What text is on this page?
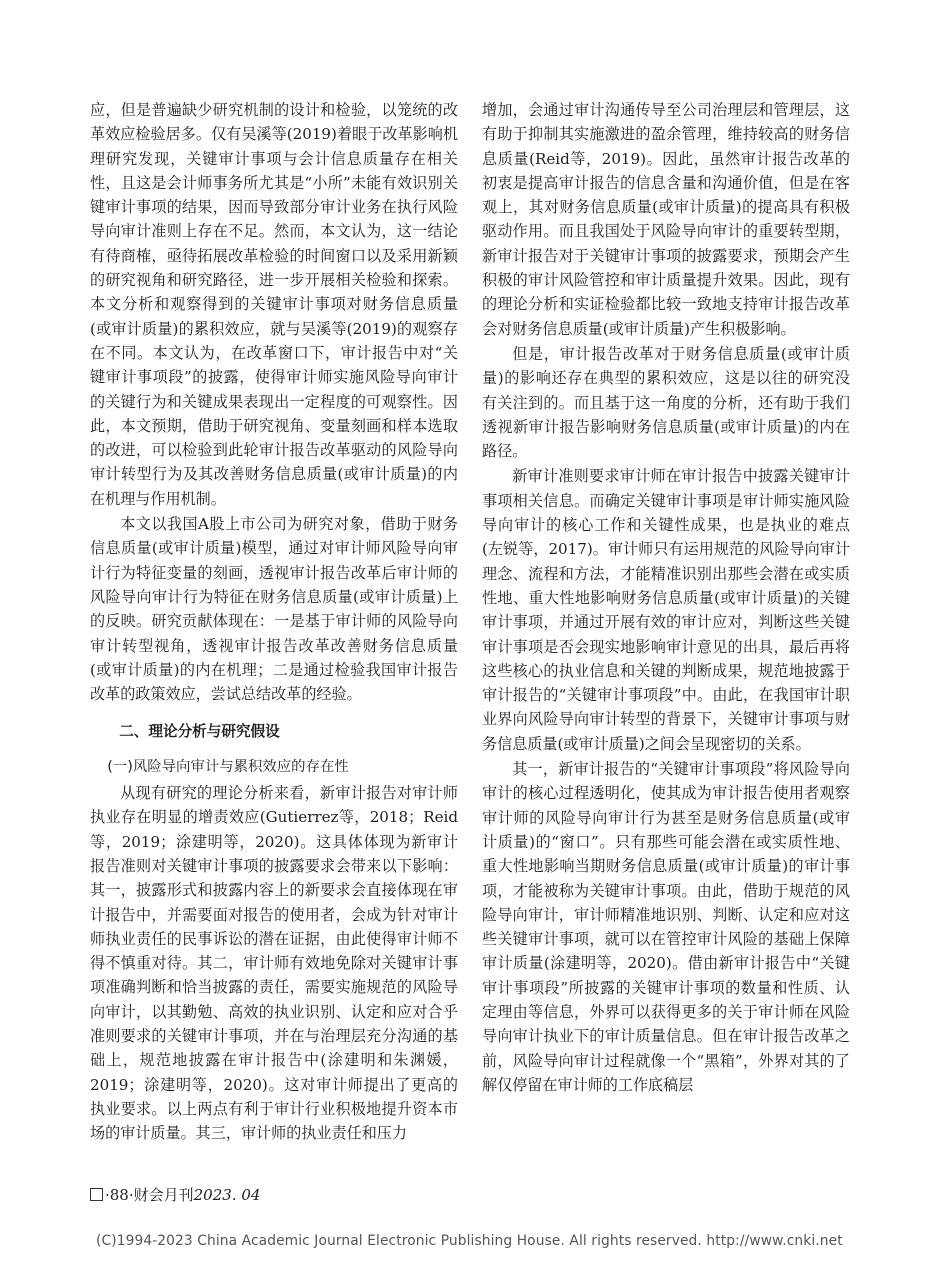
应，但是普遍缺少研究机制的设计和检验，以笼统的改革效应检验居多。仅有吴溪等(2019)着眼于改革影响机理研究发现，关键审计事项与会计信息质量存在相关性，且这是会计师事务所尤其是“小所”未能有效识别关键审计事项的结果，因而导致部分审计业务在执行风险导向审计准则上存在不足。然而，本文认为，这一结论有待商榷，亟待拓展改革检验的时间窗口以及采用新颖的研究视角和研究路径，进一步开展相关检验和探索。本文分析和观察得到的关键审计事项对财务信息质量(或审计质量)的累积效应，就与吴溪等(2019)的观察存在不同。本文认为，在改革窗口下，审计报告中对“关键审计事项段”的披露，使得审计师实施风险导向审计的关键行为和关键成果表现出一定程度的可观察性。因此，本文预期，借助于研究视角、变量刻画和样本选取的改进，可以检验到此轮审计报告改革驱动的风险导向审计转型行为及其改善财务信息质量(或审计质量)的内在机理与作用机制。

本文以我国A股上市公司为研究对象，借助于财务信息质量(或审计质量)模型，通过对审计师风险导向审计行为特征变量的刻画，透视审计报告改革后审计师的风险导向审计行为特征在财务信息质量(或审计质量)上的反映。研究贡献体现在：一是基于审计师的风险导向审计转型视角，透视审计报告改革改善财务信息质量(或审计质量)的内在机理；二是通过检验我国审计报告改革的政策效应，尝试总结改革的经验。

二、理论分析与研究假设
(一)风险导向审计与累积效应的存在性

从现有研究的理论分析来看，新审计报告对审计师执业存在明显的增责效应(Gutierrez等，2018；Reid等，2019；涂建明等，2020)。这具体体现为新审计报告准则对关键审计事项的披露要求会带来以下影响：其一，披露形式和披露内容上的新要求会直接体现在审计报告中，并需要面对报告的使用者，会成为针对审计师执业责任的民事诉讼的潜在证据，由此使得审计师不得不慎重对待。其二，审计师有效地免除对关键审计事项准确判断和恰当披露的责任，需要实施规范的风险导向审计，以其勤勉、高效的执业识别、认定和应对合乎准则要求的关键审计事项，并在与治理层充分沟通的基础上，规范地披露在审计报告中(涂建明和朱渊媛，2019；涂建明等，2020)。这对审计师提出了更高的执业要求。以上两点有利于审计行业积极地提升资本市场的审计质量。其三，审计师的执业责任和压力

增加，会通过审计沟通传导至公司治理层和管理层，这有助于抑制其实施激进的盈余管理，维持较高的财务信息质量(Reid等，2019)。因此，虽然审计报告改革的初衷是提高审计报告的信息含量和沟通价值，但是在客观上，其对财务信息质量(或审计质量)的提高具有积极驱动作用。而且我国处于风险导向审计的重要转型期，新审计报告对于关键审计事项的披露要求，预期会产生积极的审计风险管控和审计质量提升效果。因此，现有的理论分析和实证检验都比较一致地支持审计报告改革会对财务信息质量(或审计质量)产生积极影响。

但是，审计报告改革对于财务信息质量(或审计质量)的影响还存在典型的累积效应，这是以往的研究没有关注到的。而且基于这一角度的分析，还有助于我们透视新审计报告影响财务信息质量(或审计质量)的内在路径。

新审计准则要求审计师在审计报告中披露关键审计事项相关信息。而确定关键审计事项是审计师实施风险导向审计的核心工作和关键性成果，也是执业的难点(左锐等，2017)。审计师只有运用规范的风险导向审计理念、流程和方法，才能精准识别出那些会潜在或实质性地、重大性地影响财务信息质量(或审计质量)的关键审计事项，并通过开展有效的审计应对，判断这些关键审计事项是否会现实地影响审计意见的出具，最后再将这些核心的执业信息和关键的判断成果，规范地披露于审计报告的“关键审计事项段”中。由此，在我国审计职业界向风险导向审计转型的背景下，关键审计事项与财务信息质量(或审计质量)之间会呈现密切的关系。

其一，新审计报告的“关键审计事项段”将风险导向审计的核心过程透明化，使其成为审计报告使用者观察审计师的风险导向审计行为甚至是财务信息质量(或审计质量)的“窗口”。只有那些可能会潜在或实质性地、重大性地影响当期财务信息质量(或审计质量)的审计事项，才能被称为关键审计事项。由此，借助于规范的风险导向审计，审计师精准地识别、判断、认定和应对这些关键审计事项，就可以在管控审计风险的基础上保障审计质量(涂建明等，2020)。借由新审计报告中“关键审计事项段”所披露的关键审计事项的数量和性质、认定理由等信息，外界可以获得更多的关于审计师在风险导向审计执业下的审计质量信息。但在审计报告改革之前，风险导向审计过程就像一个“黑箱”，外界对其的了解仅停留在审计师的工作底稿层

·88·财会月刊2023. 04
(C)1994-2023 China Academic Journal Electronic Publishing House. All rights reserved. http://www.cnki.net
